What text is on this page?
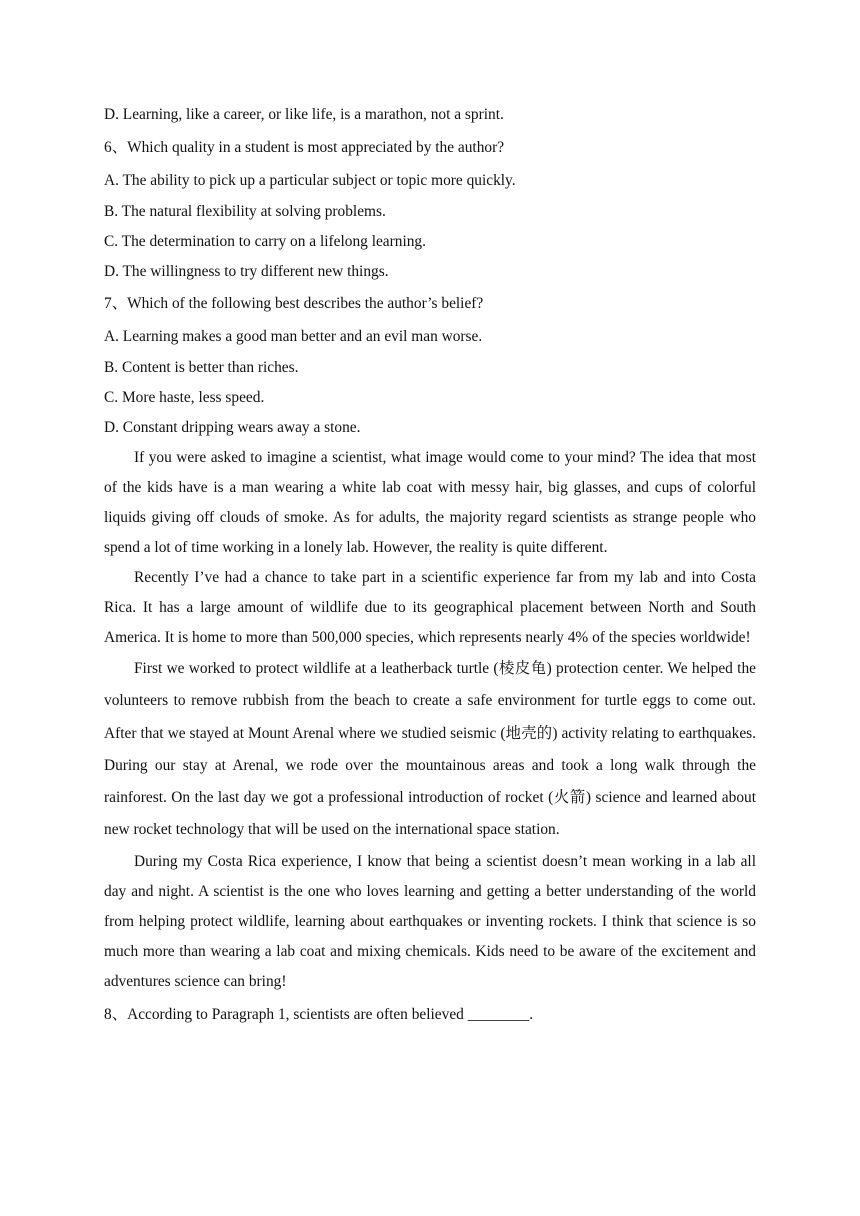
D. Learning, like a career, or like life, is a marathon, not a sprint.

6、Which quality in a student is most appreciated by the author?

A. The ability to pick up a particular subject or topic more quickly.

B. The natural flexibility at solving problems.

C. The determination to carry on a lifelong learning.

D. The willingness to try different new things.

7、Which of the following best describes the author’s belief?

A. Learning makes a good man better and an evil man worse.

B. Content is better than riches.

C. More haste, less speed.

D. Constant dripping wears away a stone.

If you were asked to imagine a scientist, what image would come to your mind? The idea that most of the kids have is a man wearing a white lab coat with messy hair, big glasses, and cups of colorful liquids giving off clouds of smoke. As for adults, the majority regard scientists as strange people who spend a lot of time working in a lonely lab. However, the reality is quite different.

Recently I’ve had a chance to take part in a scientific experience far from my lab and into Costa Rica. It has a large amount of wildlife due to its geographical placement between North and South America. It is home to more than 500,000 species, which represents nearly 4% of the species worldwide!

First we worked to protect wildlife at a leatherback turtle (棱皮龟) protection center. We helped the volunteers to remove rubbish from the beach to create a safe environment for turtle eggs to come out. After that we stayed at Mount Arenal where we studied seismic (地壳的) activity relating to earthquakes. During our stay at Arenal, we rode over the mountainous areas and took a long walk through the rainforest. On the last day we got a professional introduction of rocket (火箭) science and learned about new rocket technology that will be used on the international space station.

During my Costa Rica experience, I know that being a scientist doesn’t mean working in a lab all day and night. A scientist is the one who loves learning and getting a better understanding of the world from helping protect wildlife, learning about earthquakes or inventing rockets. I think that science is so much more than wearing a lab coat and mixing chemicals. Kids need to be aware of the excitement and adventures science can bring!

8、According to Paragraph 1, scientists are often believed ________.
